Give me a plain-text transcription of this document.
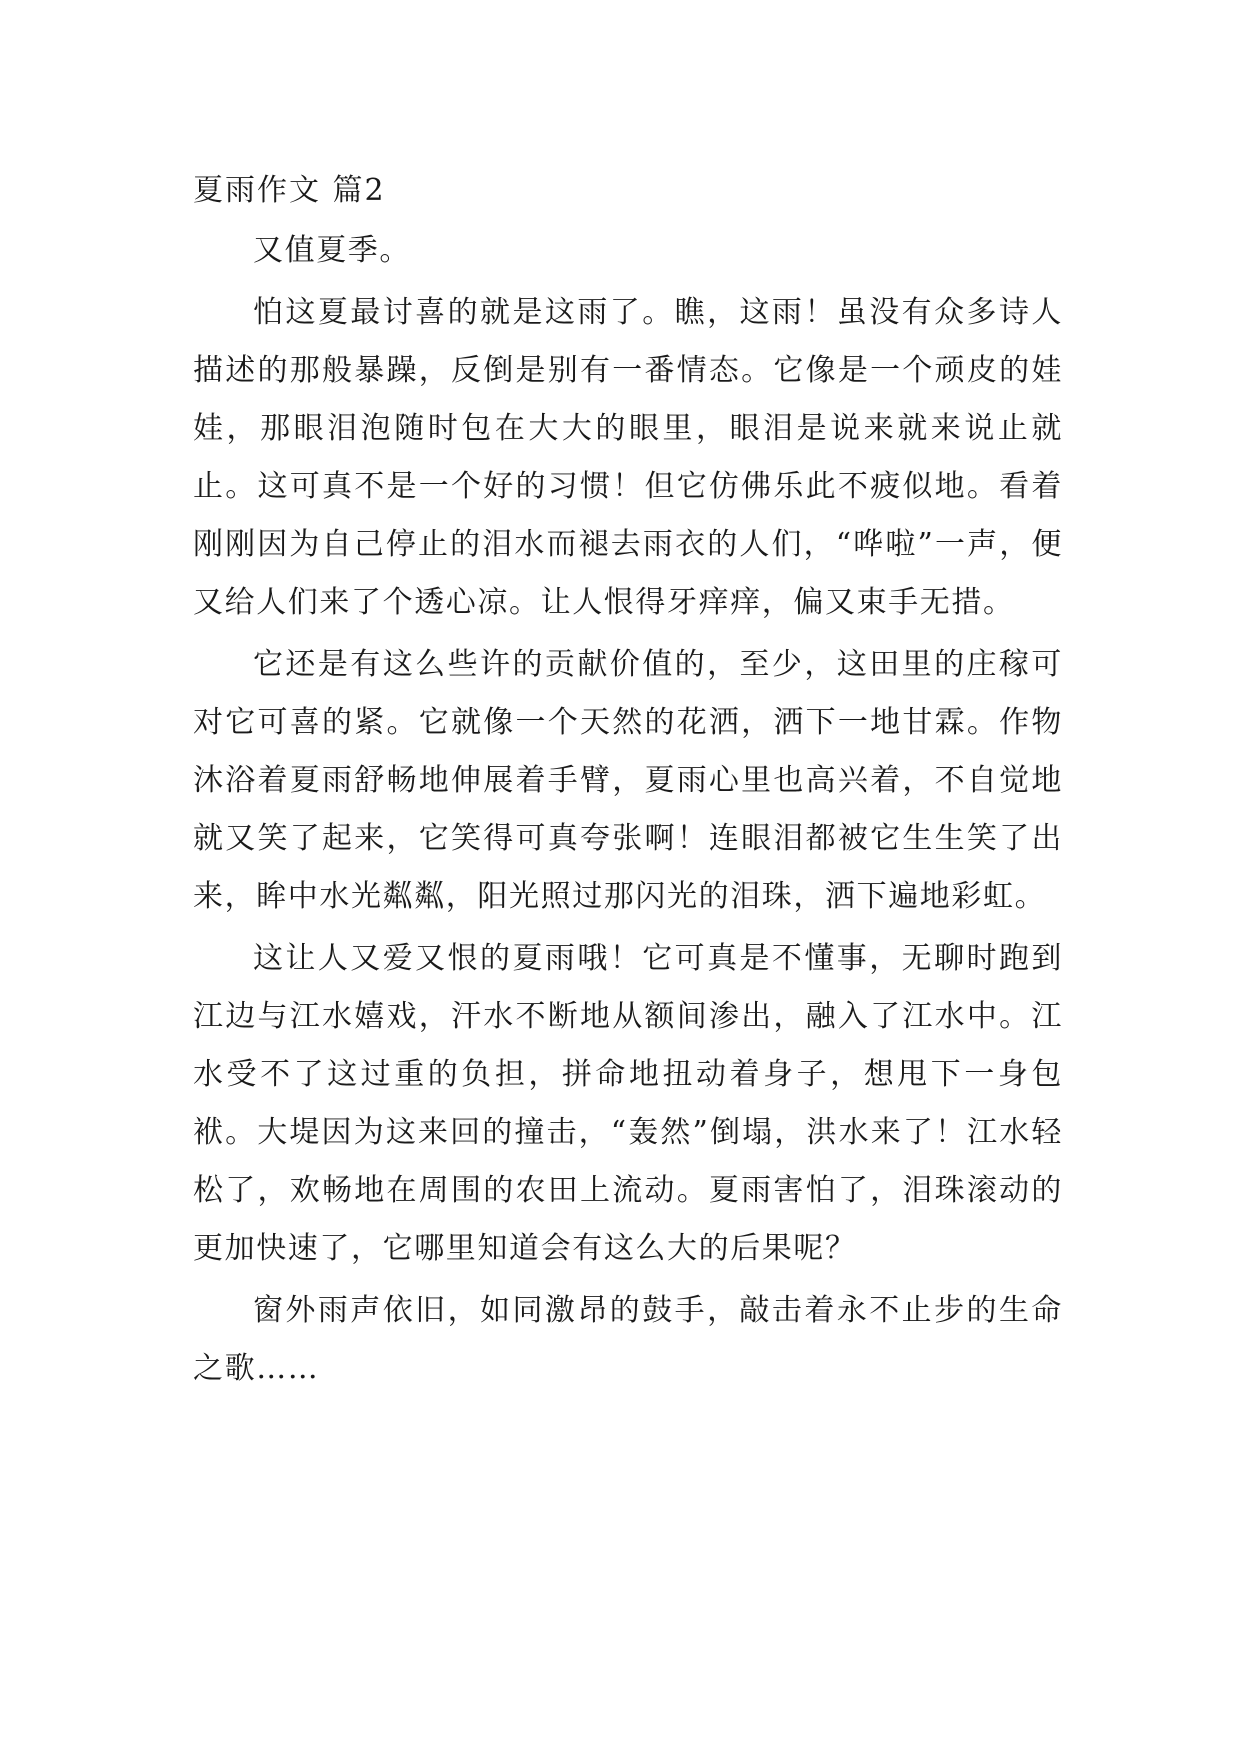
夏雨作文 篇2

又值夏季。

怕这夏最讨喜的就是这雨了。瞧，这雨！虽没有众多诗人描述的那般暴躁，反倒是别有一番情态。它像是一个顽皮的娃娃，那眼泪泡随时包在大大的眼里，眼泪是说来就来说止就止。这可真不是一个好的习惯！但它仿佛乐此不疲似地。看着刚刚因为自己停止的泪水而褪去雨衣的人们，“哗啦”一声，便又给人们来了个透心凉。让人恨得牙痒痒，偏又束手无措。

它还是有这么些许的贡献价值的，至少，这田里的庄稼可对它可喜的紧。它就像一个天然的花洒，洒下一地甘霖。作物沐浴着夏雨舒畅地伸展着手臂，夏雨心里也高兴着，不自觉地就又笑了起来，它笑得可真夸张啊！连眼泪都被它生生笑了出来，眸中水光粼粼，阳光照过那闪光的泪珠，洒下遍地彩虹。

这让人又爱又恨的夏雨哦！它可真是不懂事，无聊时跑到江边与江水嬉戏，汗水不断地从额间渗出，融入了江水中。江水受不了这过重的负担，拼命地扭动着身子，想甩下一身包袱。大堤因为这来回的撞击，“轰然”倒塌，洪水来了！江水轻松了，欢畅地在周围的农田上流动。夏雨害怕了，泪珠滚动的更加快速了，它哪里知道会有这么大的后果呢？

窗外雨声依旧，如同激昂的鼓手，敲击着永不止步的生命之歌……
